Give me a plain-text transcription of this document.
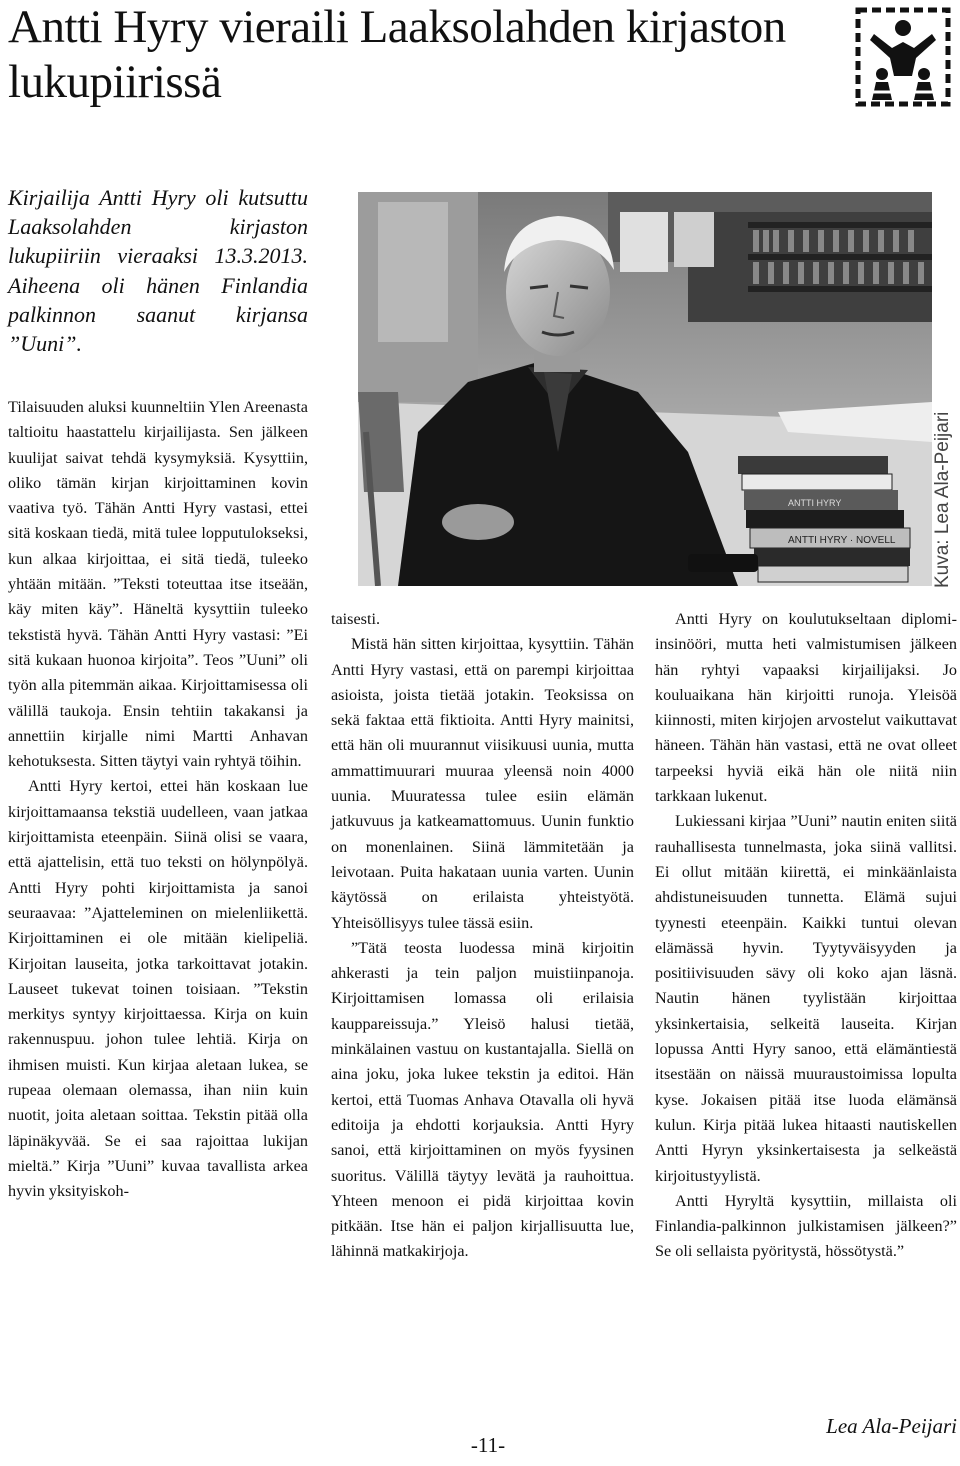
Antti Hyry vieraili Laaksolahden kirjaston lukupiirissä
Kirjailija Antti Hyry oli kutsuttu Laaksolahden kirjaston lukupiiriin vieraaksi 13.3.2013. Aiheena oli hänen Finlandia palkinnon saanut kirjansa ”Uuni”.
ANTTI HYRY · NOVELL
ANTTI HYRY	Kuva: Lea Ala-Peijari

Tilaisuuden aluksi kuunneltiin Ylen Areenasta taltioitu haastattelu kirjailijasta. Sen jälkeen kuulijat saivat tehdä kysymyksiä. Kysyttiin, oliko tämän kirjan kirjoittaminen kovin vaativa työ. Tähän Antti Hyry vastasi, ettei sitä koskaan tiedä, mitä tulee lopputulokseksi, kun alkaa kirjoittaa, ei sitä tiedä, tuleeko yhtään mitään. ”Teksti toteuttaa itse itseään, käy miten käy”. Häneltä kysyttiin tuleeko tekstistä hyvä. Tähän Antti Hyry vastasi: ”Ei sitä kukaan huonoa kirjoita”. Teos ”Uuni” oli työn alla pitemmän aikaa. Kirjoittamisessa oli välillä taukoja. Ensin tehtiin takakansi ja annettiin kirjalle nimi Martti Anhavan kehotuksesta. Sitten täytyi vain ryhtyä töihin.

Antti Hyry kertoi, ettei hän koskaan lue kirjoittamaansa tekstiä uudelleen, vaan jatkaa kirjoittamista eteenpäin. Siinä olisi se vaara, että ajattelisin, että tuo teksti on hölynpölyä. Antti Hyry pohti kirjoittamista ja sanoi seuraavaa: ”Ajatteleminen on mielenliikettä. Kirjoittaminen ei ole mitään kielipeliä. Kirjoitan lauseita, jotka tarkoittavat jotakin. Lauseet tukevat toinen toisiaan. ”Tekstin merkitys syntyy kirjoittaessa. Kirja on kuin rakennuspuu. johon tulee lehtiä. Kirja on ihmisen muisti. Kun kirjaa aletaan lukea, se rupeaa olemaan olemassa, ihan niin kuin nuotit, joita aletaan soittaa. Tekstin pitää olla läpinäkyvää. Se ei saa rajoittaa lukijan mieltä.” Kirja ”Uuni” kuvaa tavallista arkea hyvin yksityiskoh-

taisesti.

Mistä hän sitten kirjoittaa, kysyttiin. Tähän Antti Hyry vastasi, että on parempi kirjoittaa asioista, joista tietää jotakin. Teoksissa on sekä faktaa että fiktioita. Antti Hyry mainitsi, että hän oli muurannut viisikuusi uunia, mutta ammattimuurari muuraa yleensä noin 4000 uunia. Muuratessa tulee esiin elämän jatkuvuus ja katkeamattomuus. Uunin funktio on monenlainen. Siinä lämmitetään ja leivotaan. Puita hakataan uunia varten. Uunin käytössä on erilaista yhteistyötä. Yhteisöllisyys tulee tässä esiin.

”Tätä teosta luodessa minä kirjoitin ahkerasti ja tein paljon muistiinpanoja. Kirjoittamisen lomassa oli erilaisia kauppareissuja.” Yleisö halusi tietää, minkälainen vastuu on kustantajalla. Siellä on aina joku, joka lukee tekstin ja editoi. Hän kertoi, että Tuomas Anhava Otavalla oli hyvä editoija ja ehdotti korjauksia. Antti Hyry sanoi, että kirjoittaminen on myös fyysinen suoritus. Välillä täytyy levätä ja rauhoittua. Yhteen menoon ei pidä kirjoittaa kovin pitkään. Itse hän ei paljon kirjallisuutta lue, lähinnä matkakirjoja.

Antti Hyry on koulutukseltaan diplomi-insinööri, mutta heti valmistumisen jälkeen hän ryhtyi vapaaksi kirjailijaksi. Jo kouluaikana hän kirjoitti runoja. Yleisöä kiinnosti, miten kirjojen arvostelut vaikuttavat häneen. Tähän hän vastasi, että ne ovat olleet tarpeeksi hyviä eikä hän ole niitä niin tarkkaan lukenut.

Lukiessani kirjaa ”Uuni” nautin eniten siitä rauhallisesta tunnelmasta, joka siinä vallitsi. Ei ollut mitään kiirettä, ei minkäänlaista ahdistuneisuuden tunnetta. Elämä sujui tyynesti eteenpäin. Kaikki tuntui olevan elämässä hyvin. Tyytyväisyyden ja positiivisuuden sävy oli koko ajan läsnä. Nautin hänen tyylistään kirjoittaa yksinkertaisia, selkeitä lauseita. Kirjan lopussa Antti Hyry sanoo, että elämäntiestä itsestään on näissä muuraustoimissa lopulta kyse. Jokaisen pitää itse luoda elämänsä kulun. Kirja pitää lukea hitaasti nautiskellen Antti Hyryn yksinkertaisesta ja selkeästä kirjoitustyylistä.

Antti Hyryltä kysyttiin, millaista oli Finlandia-palkinnon julkistamisen jälkeen?” Se oli sellaista pyöritystä, hössötystä.”

Lea Ala-Peijari
-11-
